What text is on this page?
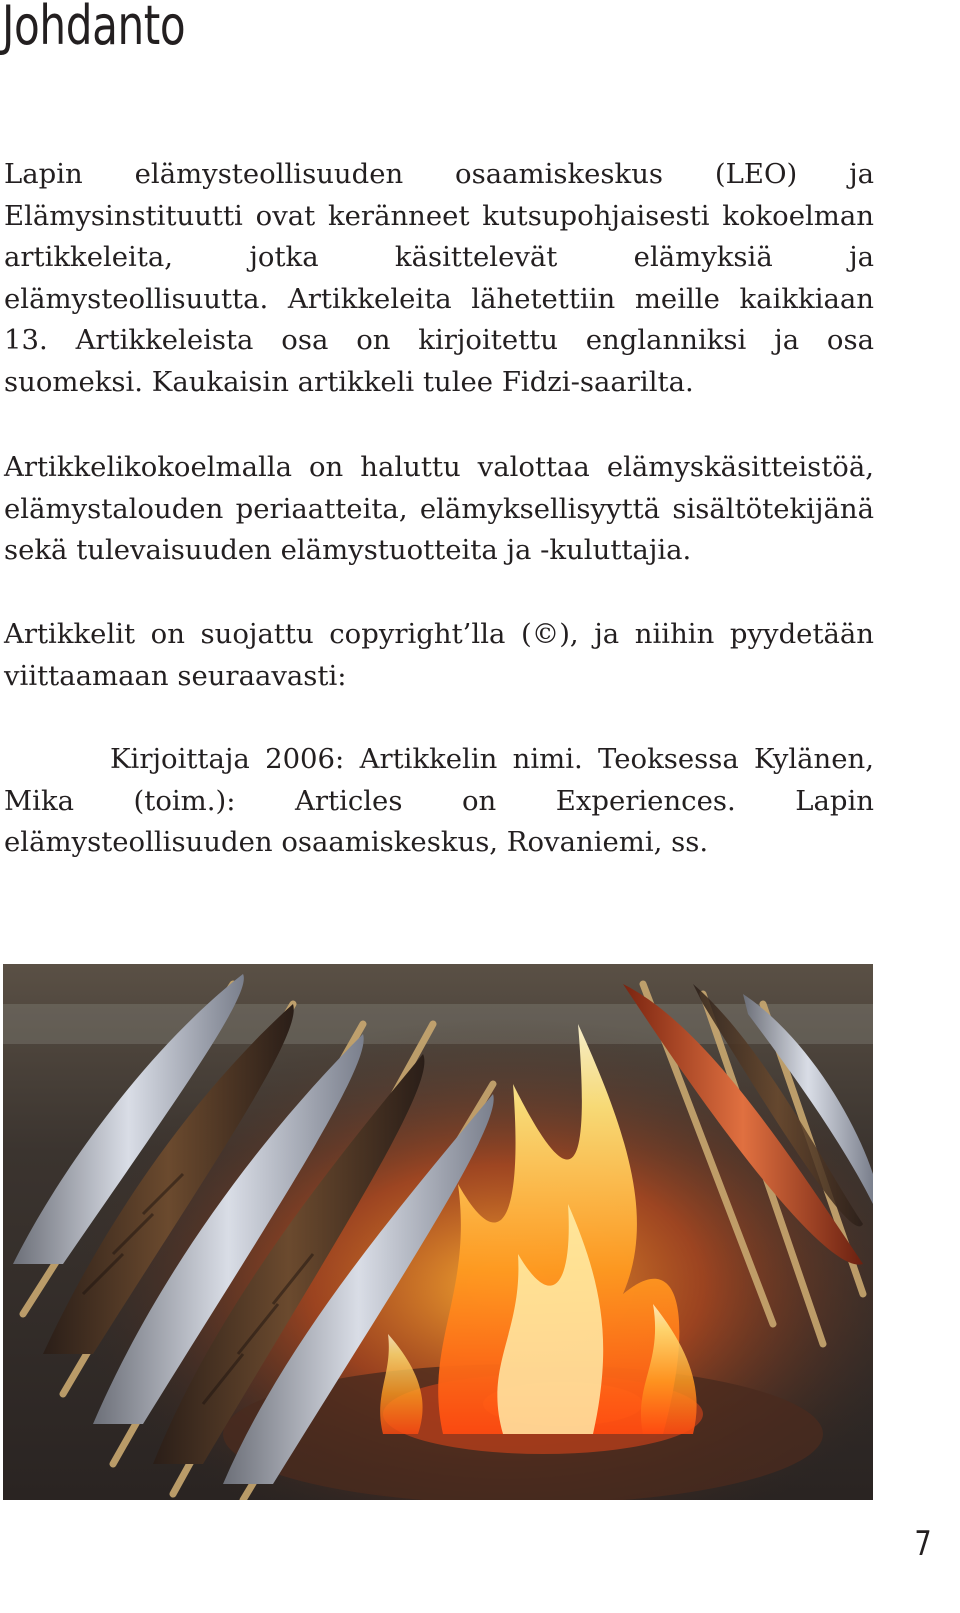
Johdanto

Lapin elämysteollisuuden osaamiskeskus (LEO) ja Elämysinstituutti ovat keränneet kutsupohjaisesti kokoelman artikkeleita, jotka käsittelevät elämyksiä ja elämysteollisuutta. Artikkeleita lähetettiin meille kaikkiaan 13. Artikkeleista osa on kirjoitettu englanniksi ja osa suomeksi. Kaukaisin artikkeli tulee Fidzi-saarilta.

Artikkelikokoelmalla on haluttu valottaa elämyskäsitteistöä, elämystalouden periaatteita, elämyksellisyyttä sisältötekijänä sekä tulevaisuuden elämystuotteita ja -kuluttajia.

Artikkelit on suojattu copyright’lla (©), ja niihin pyydetään viittaamaan seuraavasti:

Kirjoittaja 2006: Artikkelin nimi. Teoksessa Kylänen, Mika (toim.): Articles on Experiences. Lapin elämysteollisuuden osaamiskeskus, Rovaniemi, ss.

7
